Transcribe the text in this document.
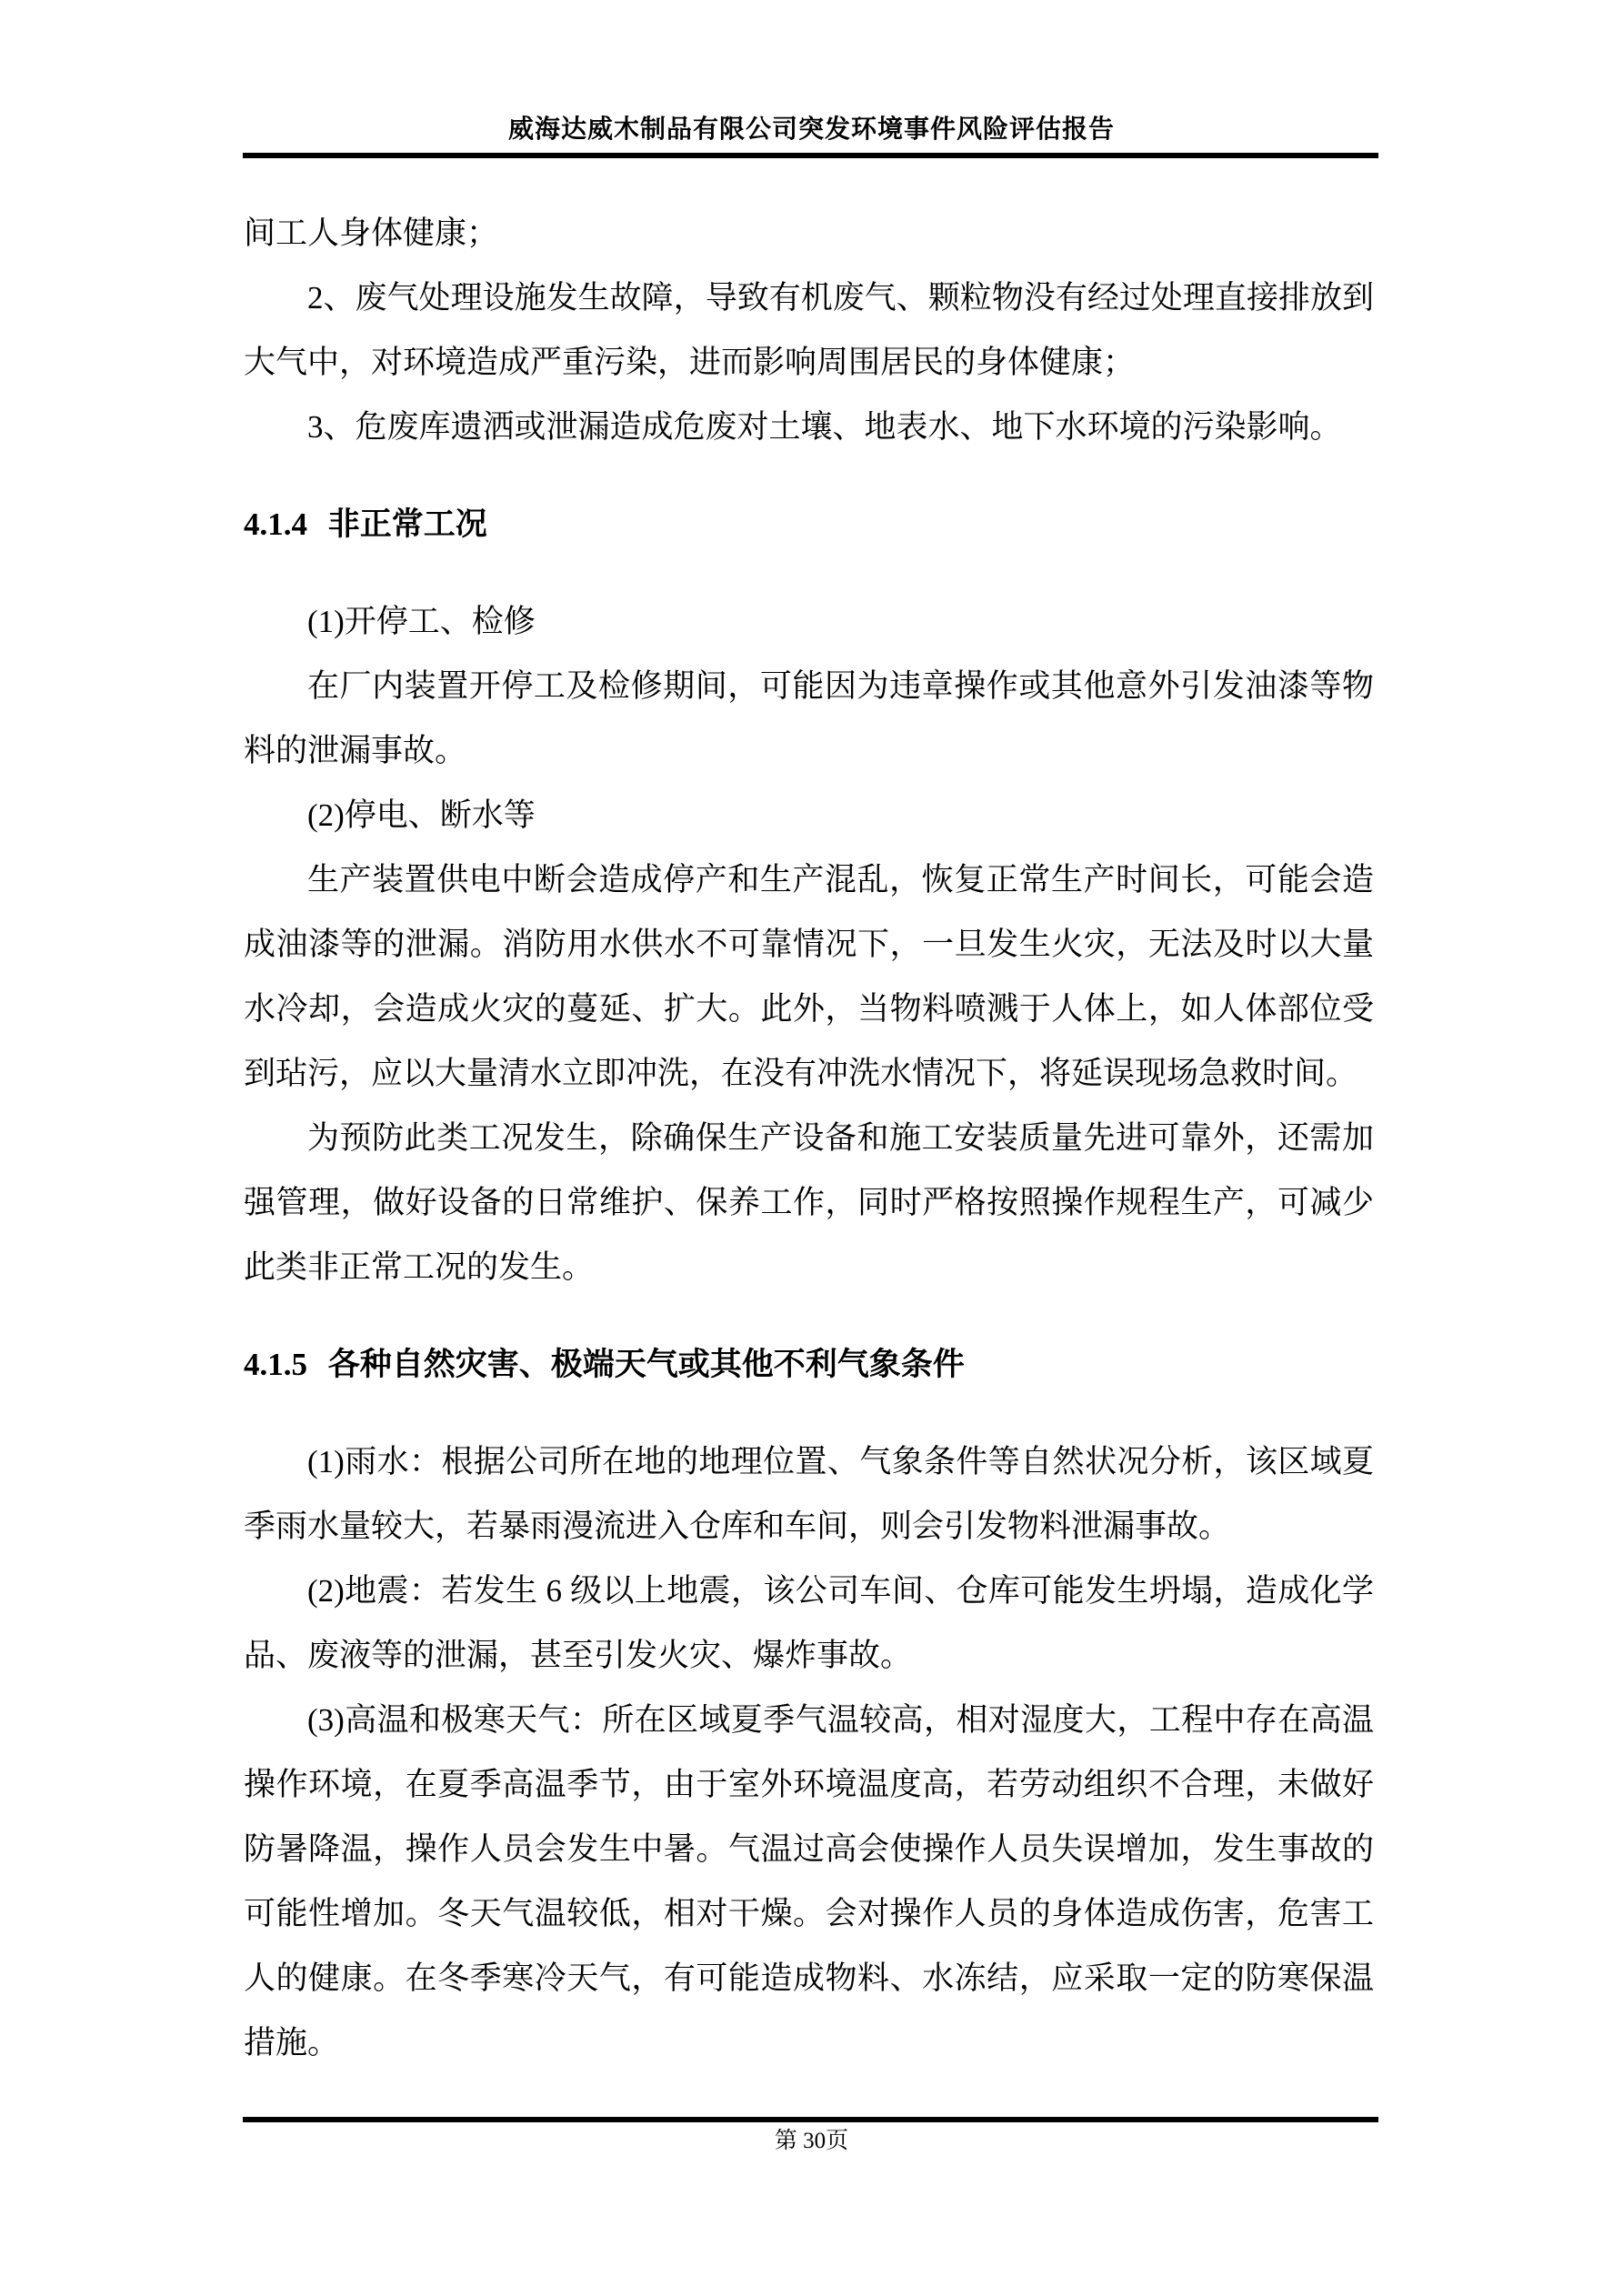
威海达威木制品有限公司突发环境事件风险评估报告

间工人身体健康；

2、废气处理设施发生故障，导致有机废气、颗粒物没有经过处理直接排放到大气中，对环境造成严重污染，进而影响周围居民的身体健康；

3、危废库遗洒或泄漏造成危废对土壤、地表水、地下水环境的污染影响。

4.1.4 非正常工况

(1)开停工、检修

在厂内装置开停工及检修期间，可能因为违章操作或其他意外引发油漆等物料的泄漏事故。

(2)停电、断水等

生产装置供电中断会造成停产和生产混乱，恢复正常生产时间长，可能会造成油漆等的泄漏。消防用水供水不可靠情况下，一旦发生火灾，无法及时以大量水冷却，会造成火灾的蔓延、扩大。此外，当物料喷溅于人体上，如人体部位受到玷污，应以大量清水立即冲洗，在没有冲洗水情况下，将延误现场急救时间。

为预防此类工况发生，除确保生产设备和施工安装质量先进可靠外，还需加强管理，做好设备的日常维护、保养工作，同时严格按照操作规程生产，可减少此类非正常工况的发生。

4.1.5 各种自然灾害、极端天气或其他不利气象条件

(1)雨水：根据公司所在地的地理位置、气象条件等自然状况分析，该区域夏季雨水量较大，若暴雨漫流进入仓库和车间，则会引发物料泄漏事故。

(2)地震：若发生 6 级以上地震，该公司车间、仓库可能发生坍塌，造成化学品、废液等的泄漏，甚至引发火灾、爆炸事故。

(3)高温和极寒天气：所在区域夏季气温较高，相对湿度大，工程中存在高温操作环境，在夏季高温季节，由于室外环境温度高，若劳动组织不合理，未做好防暑降温，操作人员会发生中暑。气温过高会使操作人员失误增加，发生事故的可能性增加。冬天气温较低，相对干燥。会对操作人员的身体造成伤害，危害工人的健康。在冬季寒冷天气，有可能造成物料、水冻结，应采取一定的防寒保温措施。

第 30页
